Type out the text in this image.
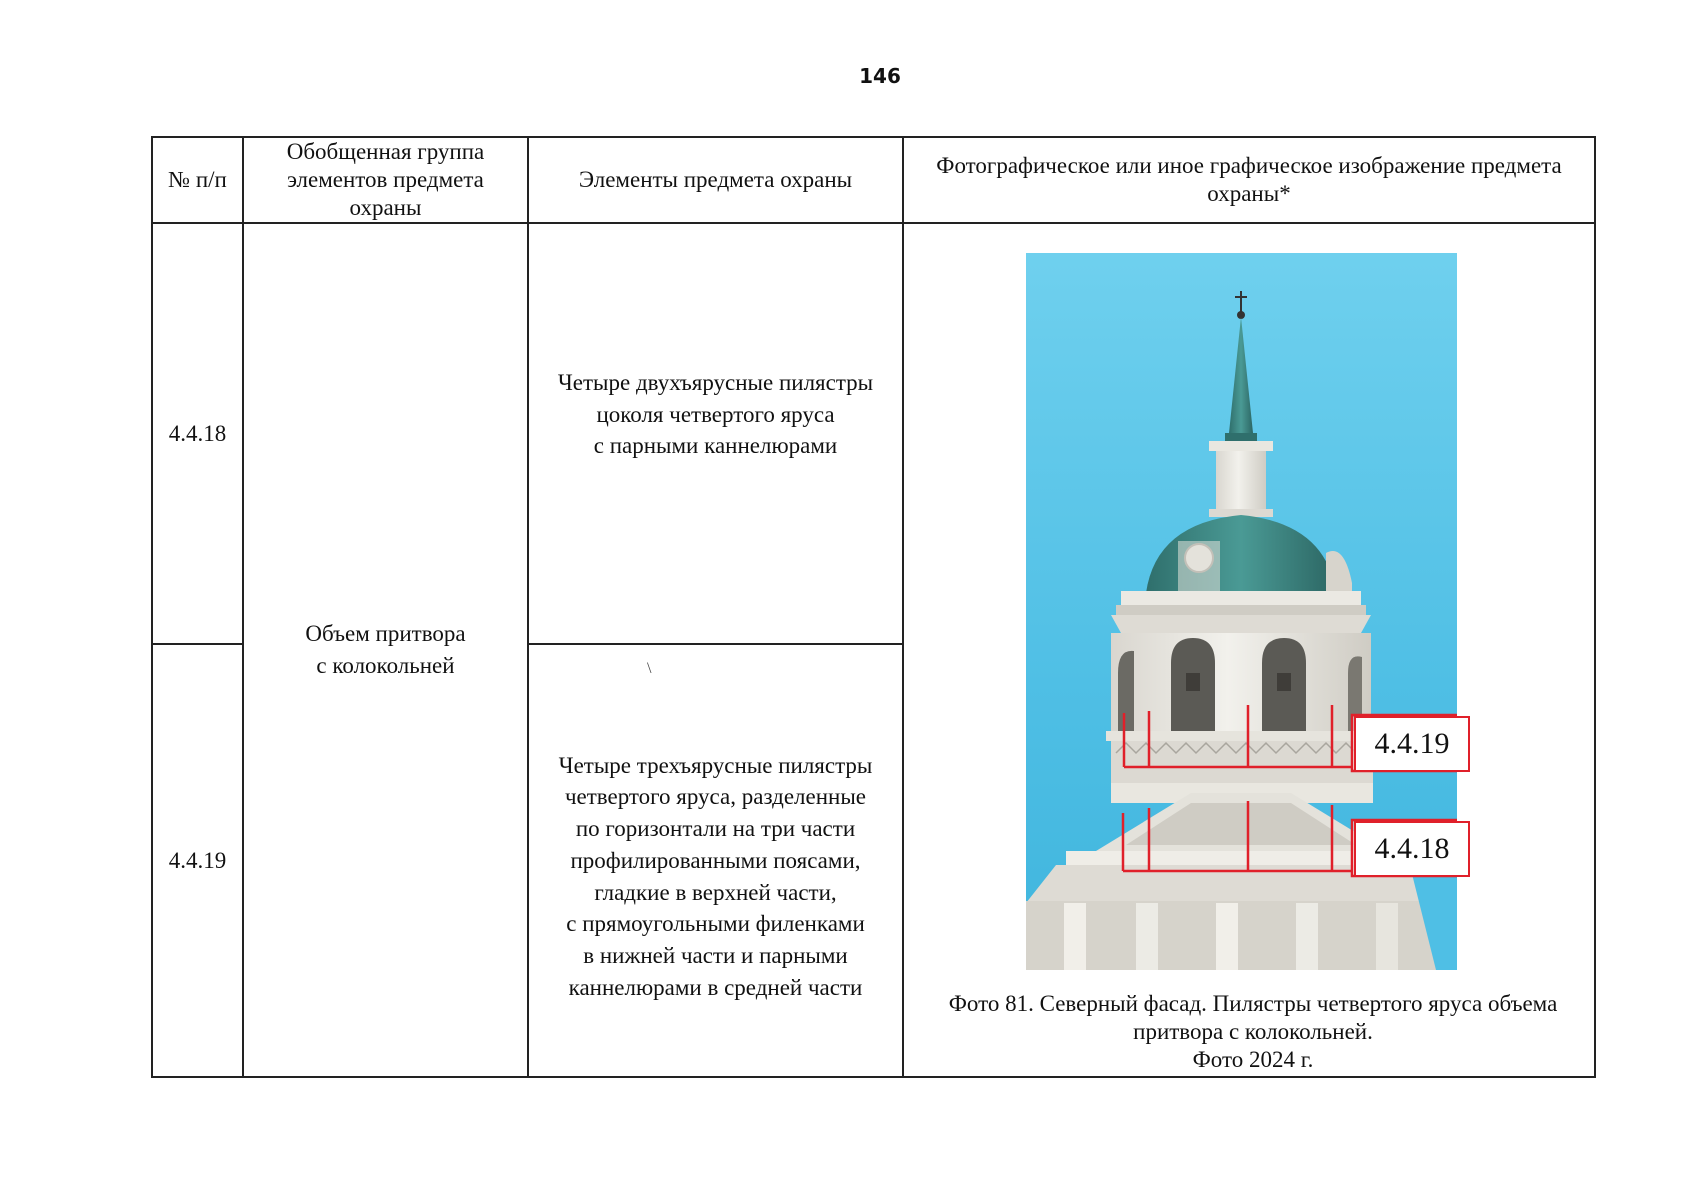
146
№ п/п
Обобщенная группа
элементов предмета
охраны
Элементы предмета охраны
Фотографическое или иное графическое изображение предмета
охраны*
4.4.18
4.4.19
Объем притвора
с колокольней
Четыре двухъярусные пилястры
цоколя четвертого яруса
с парными каннелюрами
Четыре трехъярусные пилястры
четвертого яруса, разделенные
по горизонтали на три части
профилированными поясами,
гладкие в верхней части,
с прямоугольными филенками
в нижней части и парными
каннелюрами в средней части
\
4.4.19
4.4.18
Фото 81. Северный фасад. Пилястры четвертого яруса объема
притвора с колокольней.
Фото 2024 г.
